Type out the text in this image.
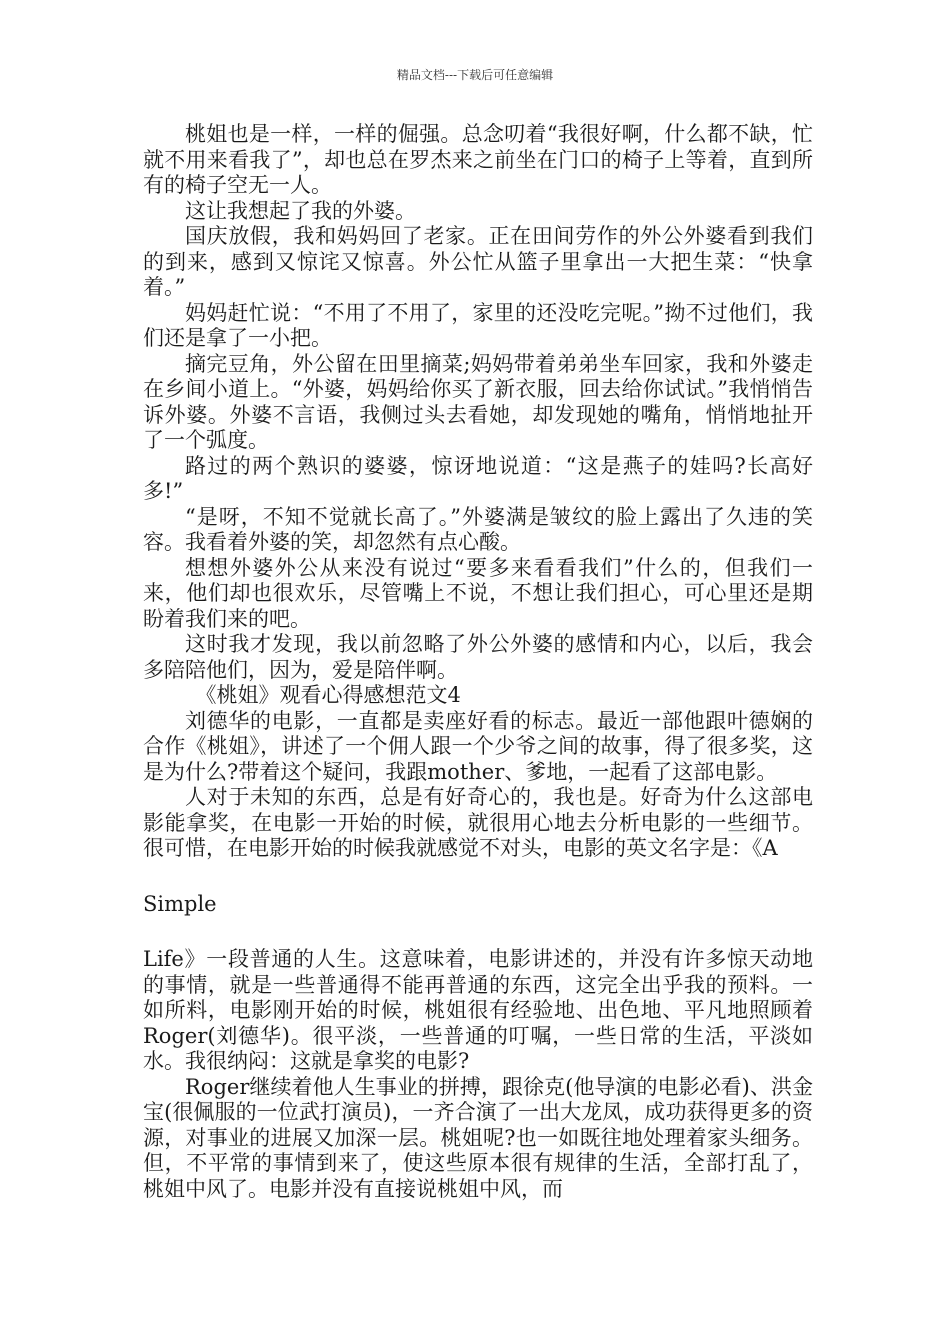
精品文档---下载后可任意编辑

桃姐也是一样，一样的倔强。总念叨着“我很好啊，什么都不缺，忙就不用来看我了”，却也总在罗杰来之前坐在门口的椅子上等着，直到所有的椅子空无一人。

这让我想起了我的外婆。

国庆放假，我和妈妈回了老家。正在田间劳作的外公外婆看到我们的到来，感到又惊诧又惊喜。外公忙从篮子里拿出一大把生菜：“快拿着。”

妈妈赶忙说：“不用了不用了，家里的还没吃完呢。”拗不过他们，我们还是拿了一小把。

摘完豆角，外公留在田里摘菜;妈妈带着弟弟坐车回家，我和外婆走在乡间小道上。“外婆，妈妈给你买了新衣服，回去给你试试。”我悄悄告诉外婆。外婆不言语，我侧过头去看她，却发现她的嘴角，悄悄地扯开了一个弧度。

路过的两个熟识的婆婆，惊讶地说道：“这是燕子的娃吗?长高好多!”

“是呀，不知不觉就长高了。”外婆满是皱纹的脸上露出了久违的笑容。我看着外婆的笑，却忽然有点心酸。

想想外婆外公从来没有说过“要多来看看我们”什么的，但我们一来，他们却也很欢乐，尽管嘴上不说，不想让我们担心，可心里还是期盼着我们来的吧。

这时我才发现，我以前忽略了外公外婆的感情和内心，以后，我会多陪陪他们，因为，爱是陪伴啊。

《桃姐》观看心得感想范文4

刘德华的电影，一直都是卖座好看的标志。最近一部他跟叶德娴的合作《桃姐》，讲述了一个佣人跟一个少爷之间的故事，得了很多奖，这是为什么?带着这个疑问，我跟mother、爹地，一起看了这部电影。

人对于未知的东西，总是有好奇心的，我也是。好奇为什么这部电影能拿奖，在电影一开始的时候，就很用心地去分析电影的一些细节。很可惜，在电影开始的时候我就感觉不对头，电影的英文名字是：《A

Simple

Life》一段普通的人生。这意味着，电影讲述的，并没有许多惊天动地的事情，就是一些普通得不能再普通的东西，这完全出乎我的预料。一如所料，电影刚开始的时候，桃姐很有经验地、出色地、平凡地照顾着Roger(刘德华)。很平淡，一些普通的叮嘱，一些日常的生活，平淡如水。我很纳闷：这就是拿奖的电影?

Roger继续着他人生事业的拼搏，跟徐克(他导演的电影必看)、洪金宝(很佩服的一位武打演员)，一齐合演了一出大龙凤，成功获得更多的资源，对事业的进展又加深一层。桃姐呢?也一如既往地处理着家头细务。但，不平常的事情到来了，使这些原本很有规律的生活，全部打乱了，桃姐中风了。电影并没有直接说桃姐中风，而
